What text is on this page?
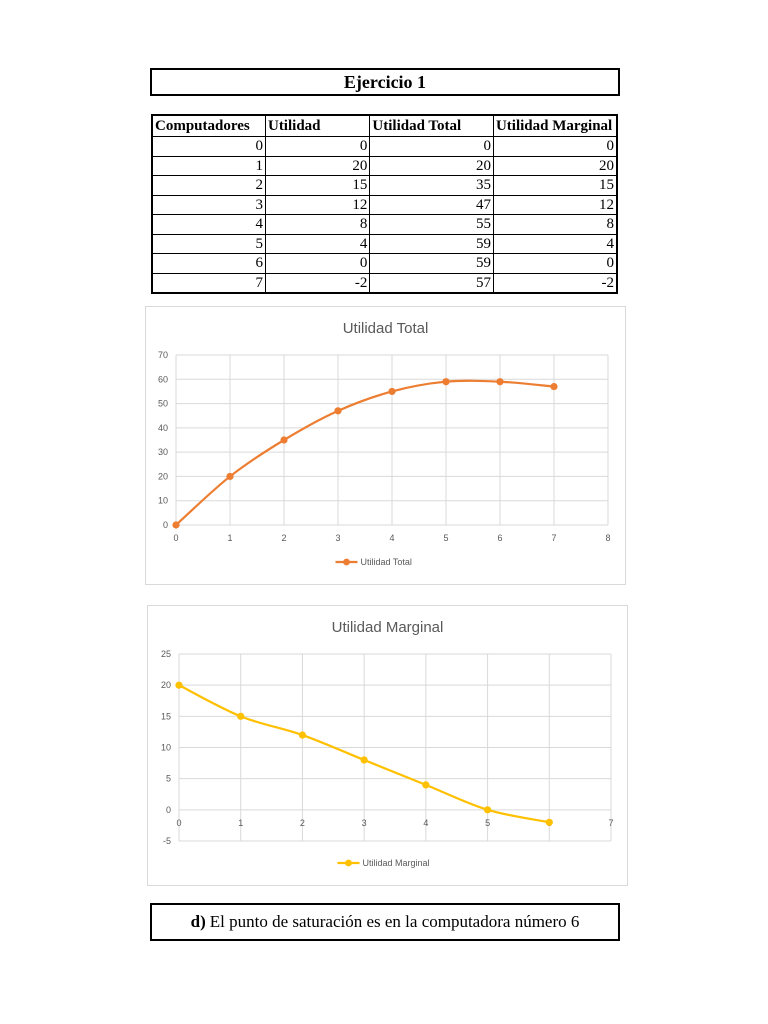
Ejercicio 1
Computadores	Utilidad	Utilidad Total	Utilidad Marginal
0	0	0	0
1	20	20	20
2	15	35	15
3	12	47	12
4	8	55	8
5	4	59	4
6	0	59	0
7	-2	57	-2
Utilidad Total
0
10
20
30
40
50
60
70
0	1	2	3	4	5	6	7	8
Utilidad Total
Utilidad Marginal
-5
0
5
10
15
20
25
0	1	2	3	4	5	7
Utilidad Marginal
d) El punto de saturación es en la computadora número 6
